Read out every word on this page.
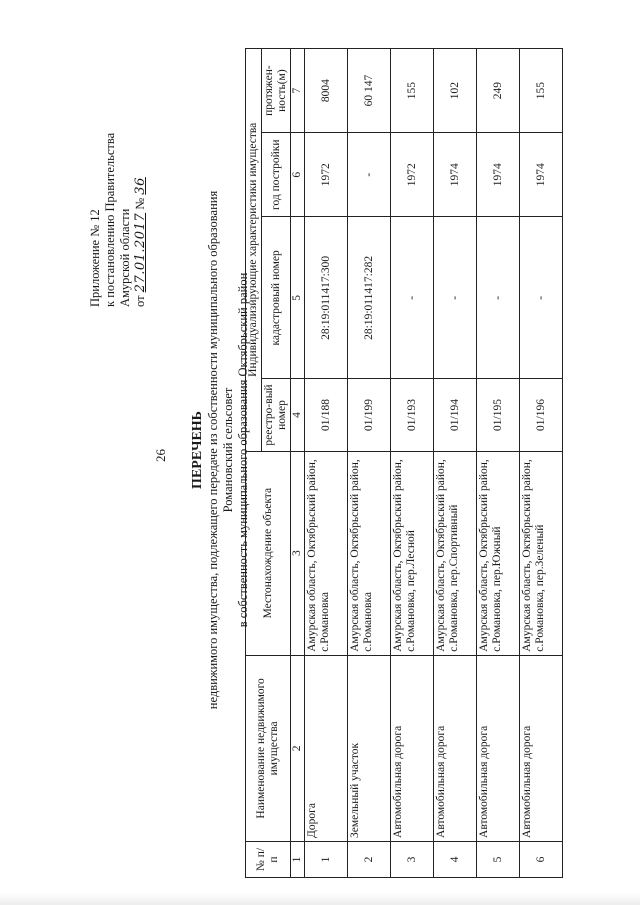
26
Приложение № 12 к постановлению Правительства Амурской области от 27.01.2017 № 36
ПЕРЕЧЕНЬ недвижимого имущества, подлежащего передаче из собственности муниципального образования Романовский сельсовет в собственность муниципального образования Октябрьский район
№ п/п	Наименование недвижимого имущества	Местонахождение объекта	Индивидуализирующие характеристики имущества			
			реестро-вый номер	кадастровый номер	год постройки	протяжен-ность(м)
1	2	3	4	5	6	7
1	Дорога	Амурская область, Октябрьский район, с.Романовка	01/188	28:19:011417:300	1972	8004
2	Земельный участок	Амурская область, Октябрьский район, с.Романовка	01/199	28:19:011417:282	-	60 147
3	Автомобильная дорога	Амурская область, Октябрьский район, с.Романовка, пер.Лесной	01/193	-	1972	155
4	Автомобильная дорога	Амурская область, Октябрьский район, с.Романовка, пер.Спортивный	01/194	-	1974	102
5	Автомобильная дорога	Амурская область, Октябрьский район, с.Романовка, пер.Южный	01/195	-	1974	249
6	Автомобильная дорога	Амурская область, Октябрьский район, с.Романовка, пер.Зеленый	01/196	-	1974	155
